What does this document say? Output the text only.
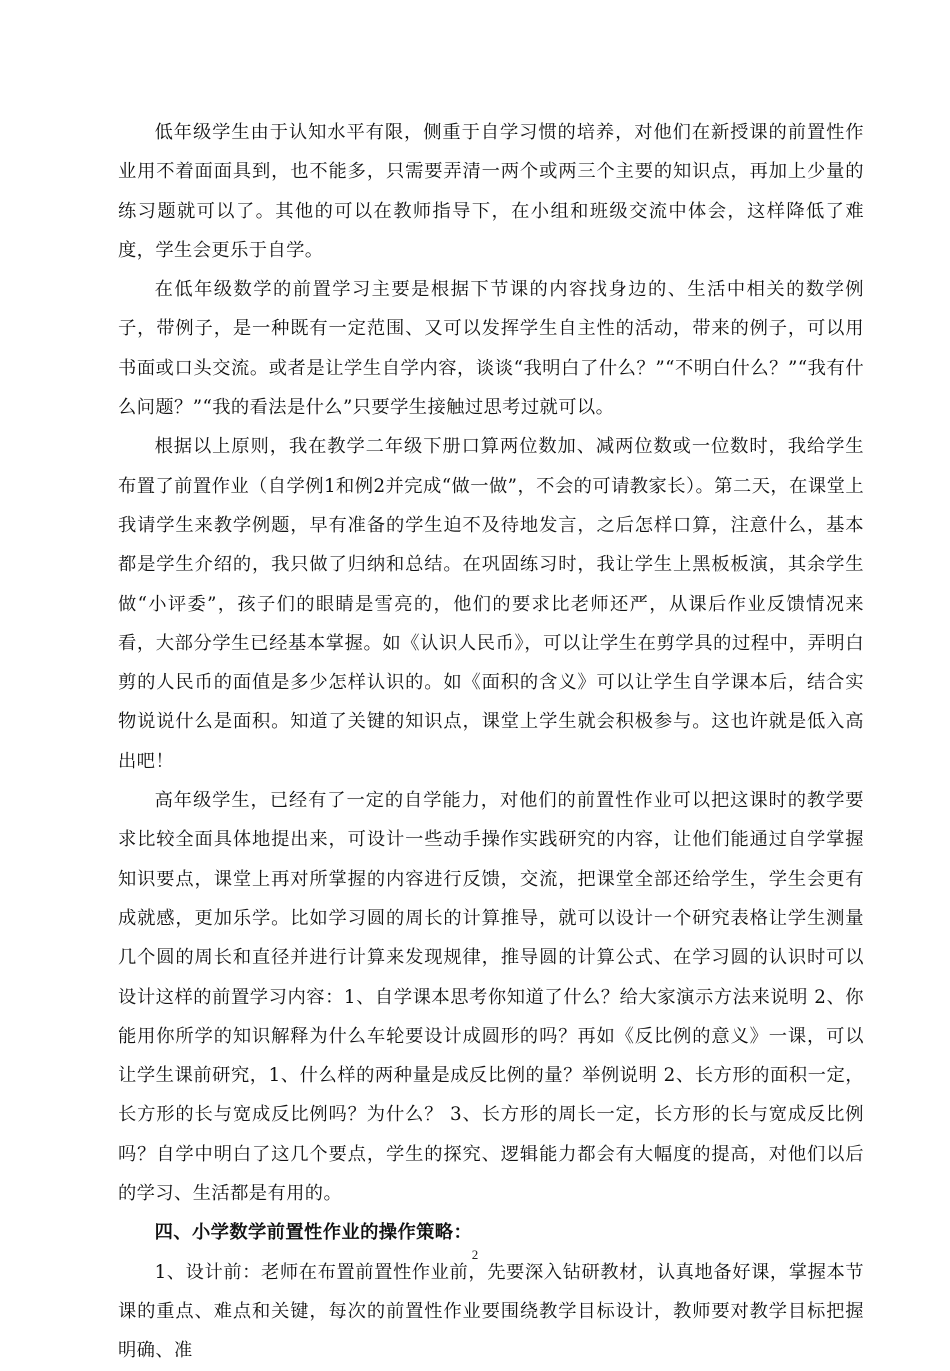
低年级学生由于认知水平有限，侧重于自学习惯的培养，对他们在新授课的前置性作业用不着面面具到，也不能多，只需要弄清一两个或两三个主要的知识点，再加上少量的练习题就可以了。其他的可以在教师指导下，在小组和班级交流中体会，这样降低了难度，学生会更乐于自学。

在低年级数学的前置学习主要是根据下节课的内容找身边的、生活中相关的数学例子，带例子，是一种既有一定范围、又可以发挥学生自主性的活动，带来的例子，可以用书面或口头交流。或者是让学生自学内容，谈谈“我明白了什么？”“不明白什么？”“我有什么问题？”“我的看法是什么”只要学生接触过思考过就可以。

根据以上原则，我在教学二年级下册口算两位数加、减两位数或一位数时，我给学生布置了前置作业（自学例1和例2并完成“做一做”，不会的可请教家长）。第二天，在课堂上我请学生来教学例题，早有准备的学生迫不及待地发言，之后怎样口算，注意什么，基本都是学生介绍的，我只做了归纳和总结。在巩固练习时，我让学生上黑板板演，其余学生做“小评委”，孩子们的眼睛是雪亮的，他们的要求比老师还严，从课后作业反馈情况来看，大部分学生已经基本掌握。如《认识人民币》，可以让学生在剪学具的过程中，弄明白剪的人民币的面值是多少怎样认识的。如《面积的含义》可以让学生自学课本后，结合实物说说什么是面积。知道了关键的知识点，课堂上学生就会积极参与。这也许就是低入高出吧！

高年级学生，已经有了一定的自学能力，对他们的前置性作业可以把这课时的教学要求比较全面具体地提出来，可设计一些动手操作实践研究的内容，让他们能通过自学掌握知识要点，课堂上再对所掌握的内容进行反馈，交流，把课堂全部还给学生，学生会更有成就感，更加乐学。比如学习圆的周长的计算推导，就可以设计一个研究表格让学生测量几个圆的周长和直径并进行计算来发现规律，推导圆的计算公式、在学习圆的认识时可以设计这样的前置学习内容：1、自学课本思考你知道了什么？给大家演示方法来说明 2、你能用你所学的知识解释为什么车轮要设计成圆形的吗？再如《反比例的意义》一课，可以让学生课前研究，1、什么样的两种量是成反比例的量？举例说明 2、长方形的面积一定，长方形的长与宽成反比例吗？为什么？ 3、长方形的周长一定，长方形的长与宽成反比例吗？自学中明白了这几个要点，学生的探究、逻辑能力都会有大幅度的提高，对他们以后的学习、生活都是有用的。

四、小学数学前置性作业的操作策略：

1、设计前：老师在布置前置性作业前，先要深入钻研教材，认真地备好课，掌握本节课的重点、难点和关键，每次的前置性作业要围绕教学目标设计，教师要对教学目标把握明确、准

2
